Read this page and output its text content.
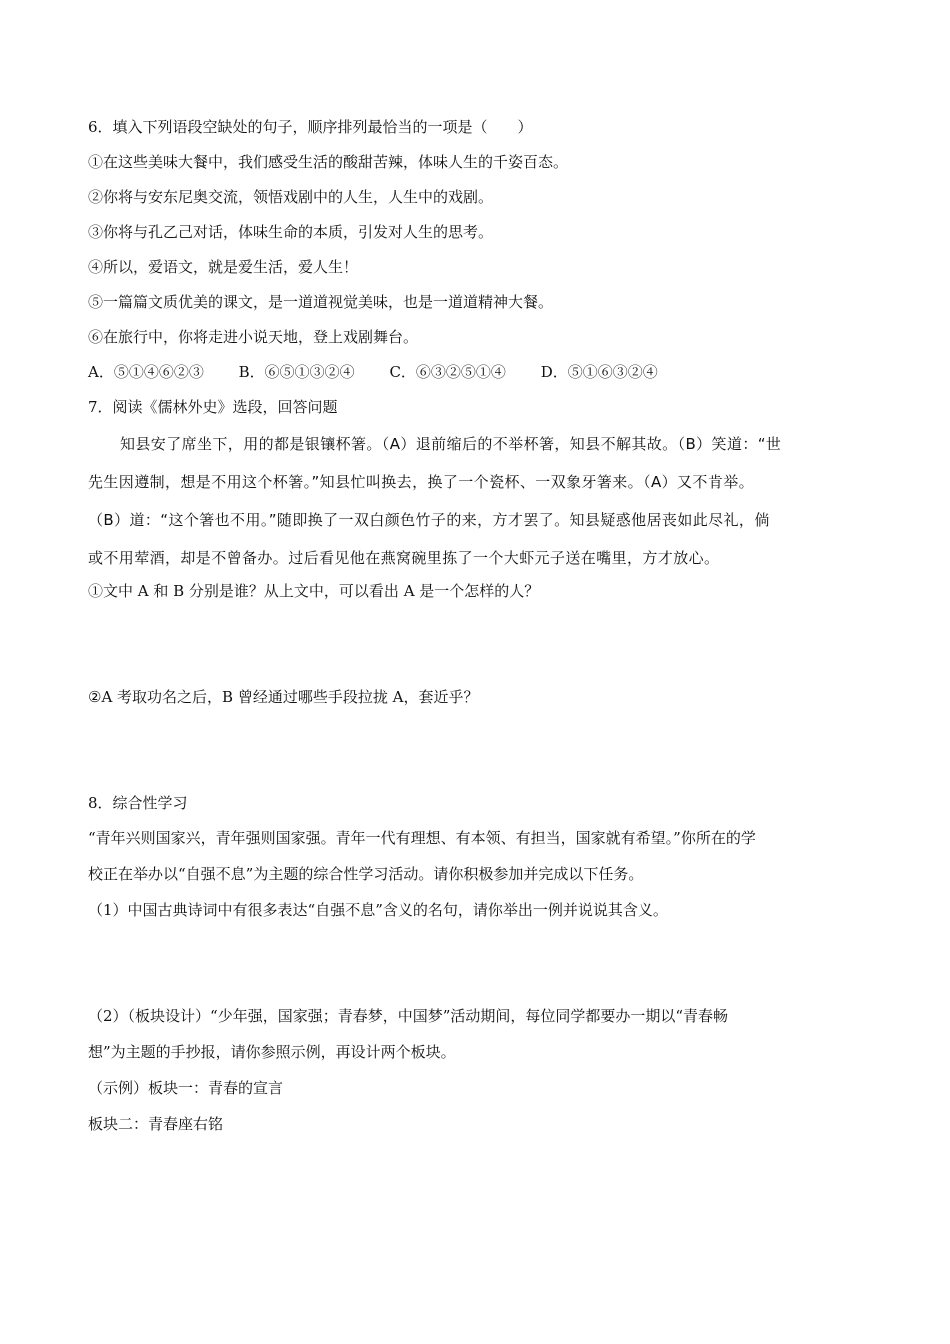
6．填入下列语段空缺处的句子，顺序排列最恰当的一项是（　　）
①在这些美味大餐中，我们感受生活的酸甜苦辣，体味人生的千姿百态。
②你将与安东尼奥交流，领悟戏剧中的人生，人生中的戏剧。
③你将与孔乙己对话，体味生命的本质，引发对人生的思考。
④所以，爱语文，就是爱生活，爱人生！
⑤一篇篇文质优美的课文，是一道道视觉美味，也是一道道精神大餐。
⑥在旅行中，你将走进小说天地，登上戏剧舞台。
A．⑤①④⑥②③ B．⑥⑤①③②④ C．⑥③②⑤①④ D．⑤①⑥③②④
7．阅读《儒林外史》选段，回答问题
知县安了席坐下，用的都是银镶杯箸。（A）退前缩后的不举杯箸，知县不解其故。（B）笑道：“世
先生因遵制，想是不用这个杯箸。”知县忙叫换去，换了一个瓷杯、一双象牙箸来。（A）又不肯举。
（B）道：“这个箸也不用。”随即换了一双白颜色竹子的来，方才罢了。知县疑惑他居丧如此尽礼，倘
或不用荤酒，却是不曾备办。过后看见他在燕窝碗里拣了一个大虾元子送在嘴里，方才放心。
①文中 A 和 B 分别是谁？从上文中，可以看出 A 是一个怎样的人？
②A 考取功名之后，B 曾经通过哪些手段拉拢 A，套近乎？
8．综合性学习
“青年兴则国家兴，青年强则国家强。青年一代有理想、有本领、有担当，国家就有希望。”你所在的学
校正在举办以“自强不息”为主题的综合性学习活动。请你积极参加并完成以下任务。
（1）中国古典诗词中有很多表达“自强不息”含义的名句，请你举出一例并说说其含义。
（2）（板块设计）“少年强，国家强；青春梦，中国梦”活动期间，每位同学都要办一期以“青春畅
想”为主题的手抄报，请你参照示例，再设计两个板块。
（示例）板块一：青春的宣言
板块二：青春座右铭
